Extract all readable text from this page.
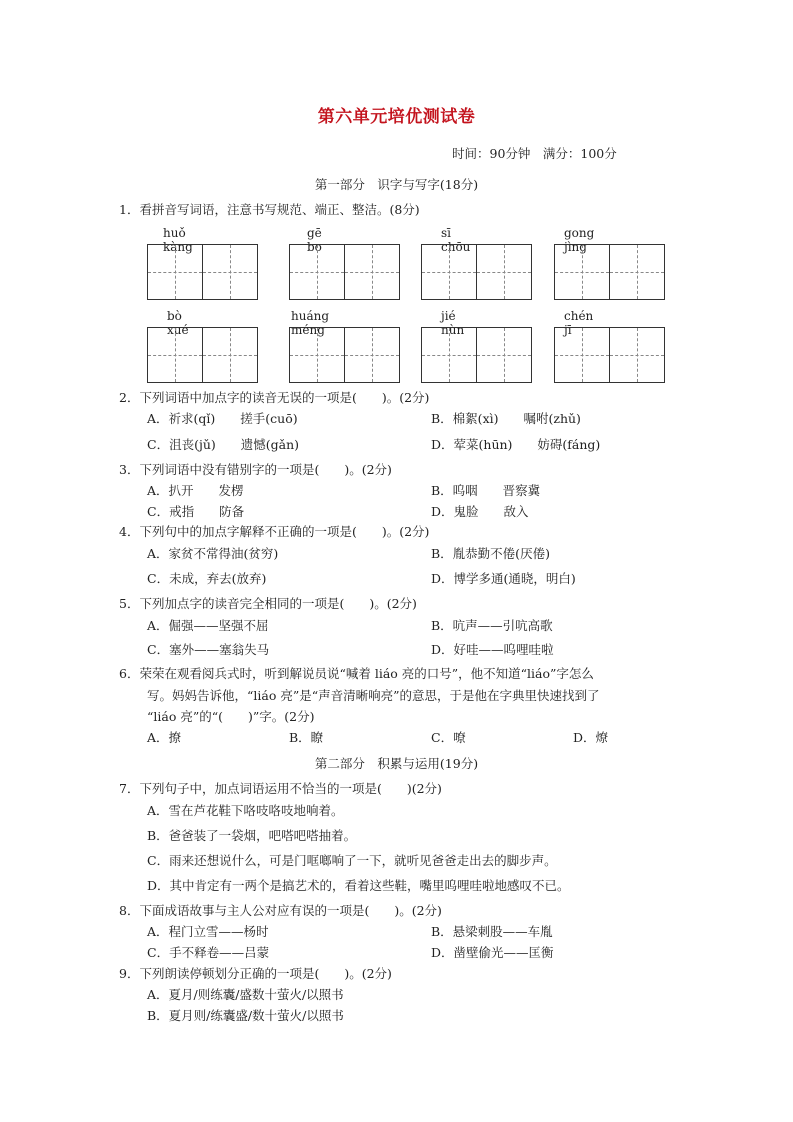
第六单元培优测试卷
时间：90分钟　满分：100分
第一部分　识字与写字(18分)
1．看拼音写词语，注意书写规范、端正、整洁。(8分)
huǒ　kàng
gē　　bo
sī　chōu
gong　jìng
bò　xué
huáng　méng
jié　nùn
chén　jī
2．下列词语中加点字的读音无误的一项是(　　)。(2分)
A．祈求(qǐ)　　搓手(cuō)	B．棉絮(xì)　　嘱咐(zhǔ)
C．沮丧(jǔ)　　遗憾(gǎn)	D．荤菜(hūn)　　妨碍(fáng)
3．下列词语中没有错别字的一项是(　　)。(2分)
A．扒开　　发楞	B．呜咽　　晋察冀
C．戒指　　防备	D．鬼脸　　敌入
4．下列句中的加点字解释不正确的一项是(　　)。(2分)
A．家贫不常得油(贫穷)	B．胤恭勤不倦(厌倦)
C．未成，弃去(放弃)	D．博学多通(通晓，明白)
5．下列加点字的读音完全相同的一项是(　　)。(2分)
A．倔强——坚强不屈	B．吭声——引吭高歌
C．塞外——塞翁失马	D．好哇——呜哩哇啦
6．荣荣在观看阅兵式时，听到解说员说“喊着 liáo 亮的口号”，他不知道“liáo”字怎么
写。妈妈告诉他，“liáo 亮”是“声音清晰响亮”的意思，于是他在字典里快速找到了
“liáo 亮”的“(　　)”字。(2分)
A．撩	B．瞭	C．嘹	D．燎
第二部分　积累与运用(19分)
7．下列句子中，加点词语运用不恰当的一项是(　　)(2分)
A．雪在芦花鞋下咯吱咯吱地响着。
B．爸爸装了一袋烟，吧嗒吧嗒抽着。
C．雨来还想说什么，可是门哐啷响了一下，就听见爸爸走出去的脚步声。
D．其中肯定有一两个是搞艺术的，看着这些鞋，嘴里呜哩哇啦地感叹不已。
8．下面成语故事与主人公对应有误的一项是(　　)。(2分)
A．程门立雪——杨时	B．悬梁刺股——车胤
C．手不释卷——吕蒙	D．凿壁偷光——匡衡
9．下列朗读停顿划分正确的一项是(　　)。(2分)
A．夏月/则练囊/盛数十萤火/以照书
B．夏月则/练囊盛/数十萤火/以照书
